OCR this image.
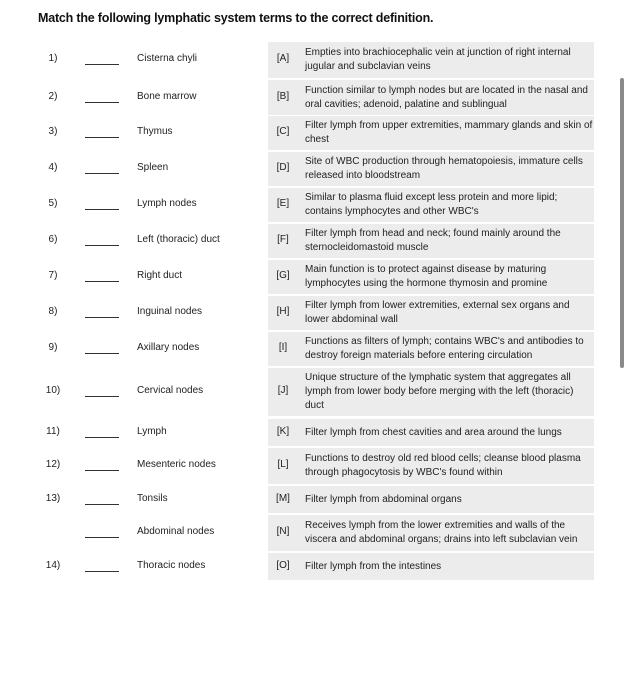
Match the following lymphatic system terms to the correct definition.
1)	Cisterna chyli	[A]
Empties into brachiocephalic vein at junction of right internal jugular and subclavian veins
2)	Bone marrow	[B]
Function similar to lymph nodes but are located in the nasal and oral cavities; adenoid, palatine and sublingual
3)	Thymus	[C]
Filter lymph from upper extremities, mammary glands and skin of chest
4)	Spleen	[D]
Site of WBC production through hematopoiesis, immature cells released into bloodstream
5)	Lymph nodes	[E]
Similar to plasma fluid except less protein and more lipid; contains lymphocytes and other WBC's
6)	Left (thoracic) duct	[F]
Filter lymph from head and neck; found mainly around the sternocleidomastoid muscle
7)	Right duct	[G]
Main function is to protect against disease by maturing lymphocytes using the hormone thymosin and promine
8)	Inguinal nodes	[H]
Filter lymph from lower extremities, external sex organs and lower abdominal wall
9)	Axillary nodes	[I]
Functions as filters of lymph; contains WBC's and antibodies to destroy foreign materials before entering circulation
10)	Cervical nodes	[J]
Unique structure of the lymphatic system that aggregates all lymph from lower body before merging with the left (thoracic) duct
11)	Lymph	[K]	Filter lymph from chest cavities and area around the lungs
12)	Mesenteric nodes	[L]
Functions to destroy old red blood cells; cleanse blood plasma through phagocytosis by WBC's found within
13)	Tonsils	[M]	Filter lymph from abdominal organs
Abdominal nodes	[N]
Receives lymph from the lower extremities and walls of the viscera and abdominal organs; drains into left subclavian vein
14)	Thoracic nodes	[O]	Filter lymph from the intestines
